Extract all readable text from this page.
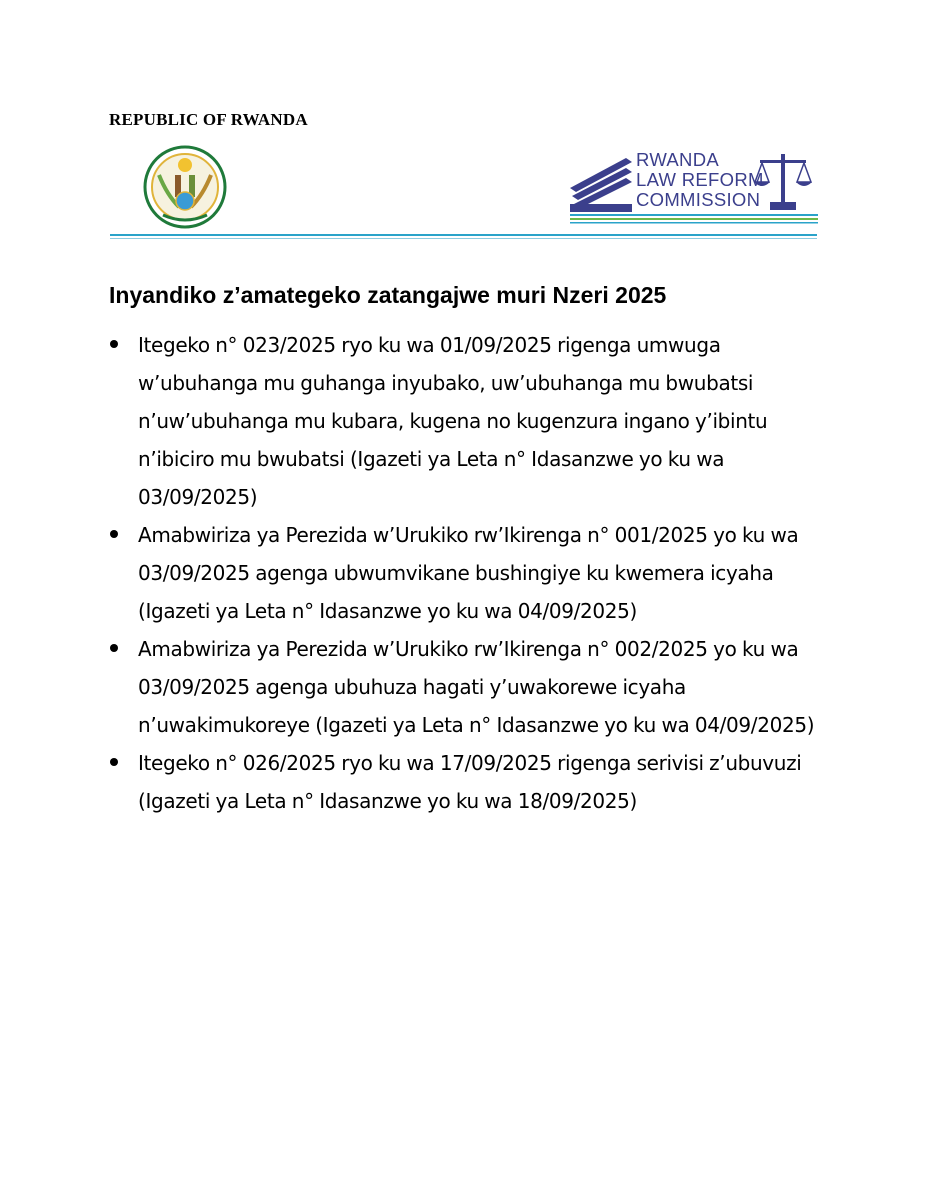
REPUBLIC OF RWANDA
RWANDA
LAW REFORM
COMMISSION
Inyandiko z’amategeko zatangajwe muri Nzeri 2025
Itegeko n° 023/2025 ryo ku wa 01/09/2025 rigenga umwuga w’ubuhanga mu guhanga inyubako, uw’ubuhanga mu bwubatsi n’uw’ubuhanga mu kubara, kugena no kugenzura ingano y’ibintu n’ibiciro mu bwubatsi (Igazeti ya Leta n° Idasanzwe yo ku wa 03/09/2025)
Amabwiriza ya Perezida w’Urukiko rw’Ikirenga n° 001/2025 yo ku wa 03/09/2025 agenga ubwumvikane bushingiye ku kwemera icyaha (Igazeti ya Leta n° Idasanzwe yo ku wa 04/09/2025)
Amabwiriza ya Perezida w’Urukiko rw’Ikirenga n° 002/2025 yo ku wa 03/09/2025 agenga ubuhuza hagati y’uwakorewe icyaha n’uwakimukoreye (Igazeti ya Leta n° Idasanzwe yo ku wa 04/09/2025)
Itegeko n° 026/2025 ryo ku wa 17/09/2025 rigenga serivisi z’ubuvuzi (Igazeti ya Leta n° Idasanzwe yo ku wa 18/09/2025)
